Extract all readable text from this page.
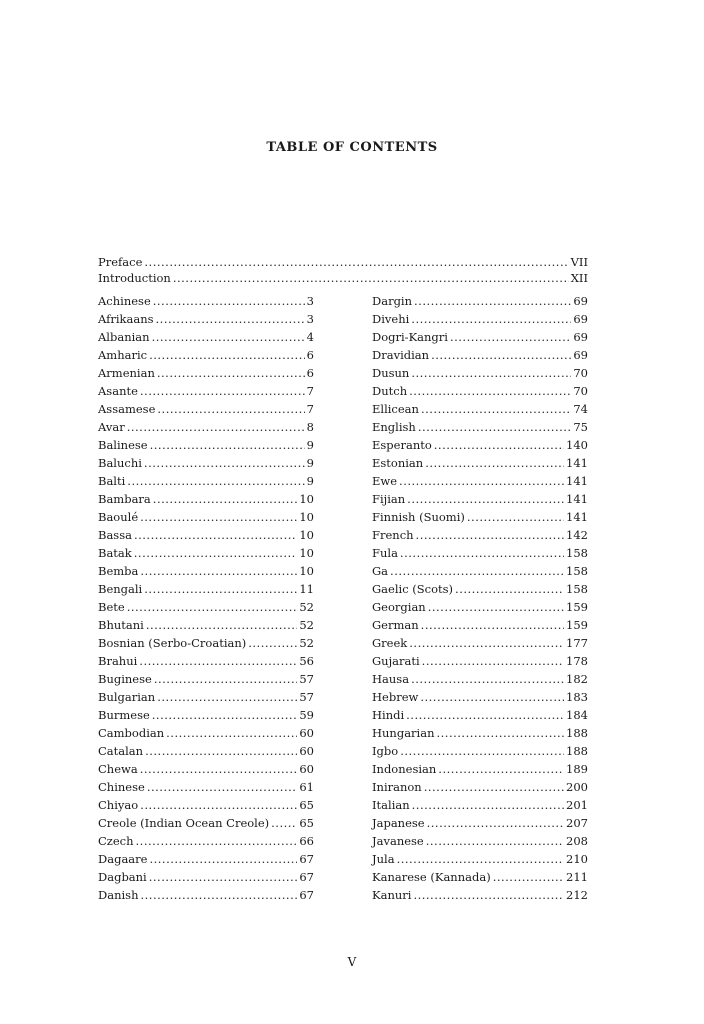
TABLE OF CONTENTS
Preface .....	VII
Introduction .....	XII
Achinese .....	3
Afrikaans .....	3
Albanian .....	4
Amharic .....	6
Armenian .....	6
Asante .....	7
Assamese .....	7
Avar .....	8
Balinese .....	9
Baluchi .....	9
Balti .....	9
Bambara .....	10
Baoulé .....	10
Bassa .....	10
Batak .....	10
Bemba .....	10
Bengali .....	11
Bete .....	52
Bhutani .....	52
Bosnian (Serbo-Croatian) .....	52
Brahui .....	56
Buginese .....	57
Bulgarian .....	57
Burmese .....	59
Cambodian .....	60
Catalan .....	60
Chewa .....	60
Chinese .....	61
Chiyao .....	65
Creole (Indian Ocean Creole) .....	65
Czech .....	66
Dagaare .....	67
Dagbani .....	67
Danish .....	67
Dargin .....	69
Divehi .....	69
Dogri-Kangri .....	69
Dravidian .....	69
Dusun .....	70
Dutch .....	70
Ellicean .....	74
English .....	75
Esperanto .....	140
Estonian .....	141
Ewe .....	141
Fijian .....	141
Finnish (Suomi) .....	141
French .....	142
Fula .....	158
Ga .....	158
Gaelic (Scots) .....	158
Georgian .....	159
German .....	159
Greek .....	177
Gujarati .....	178
Hausa .....	182
Hebrew .....	183
Hindi .....	184
Hungarian .....	188
Igbo .....	188
Indonesian .....	189
Iniranon .....	200
Italian .....	201
Japanese .....	207
Javanese .....	208
Jula .....	210
Kanarese (Kannada) .....	211
Kanuri .....	212
V
